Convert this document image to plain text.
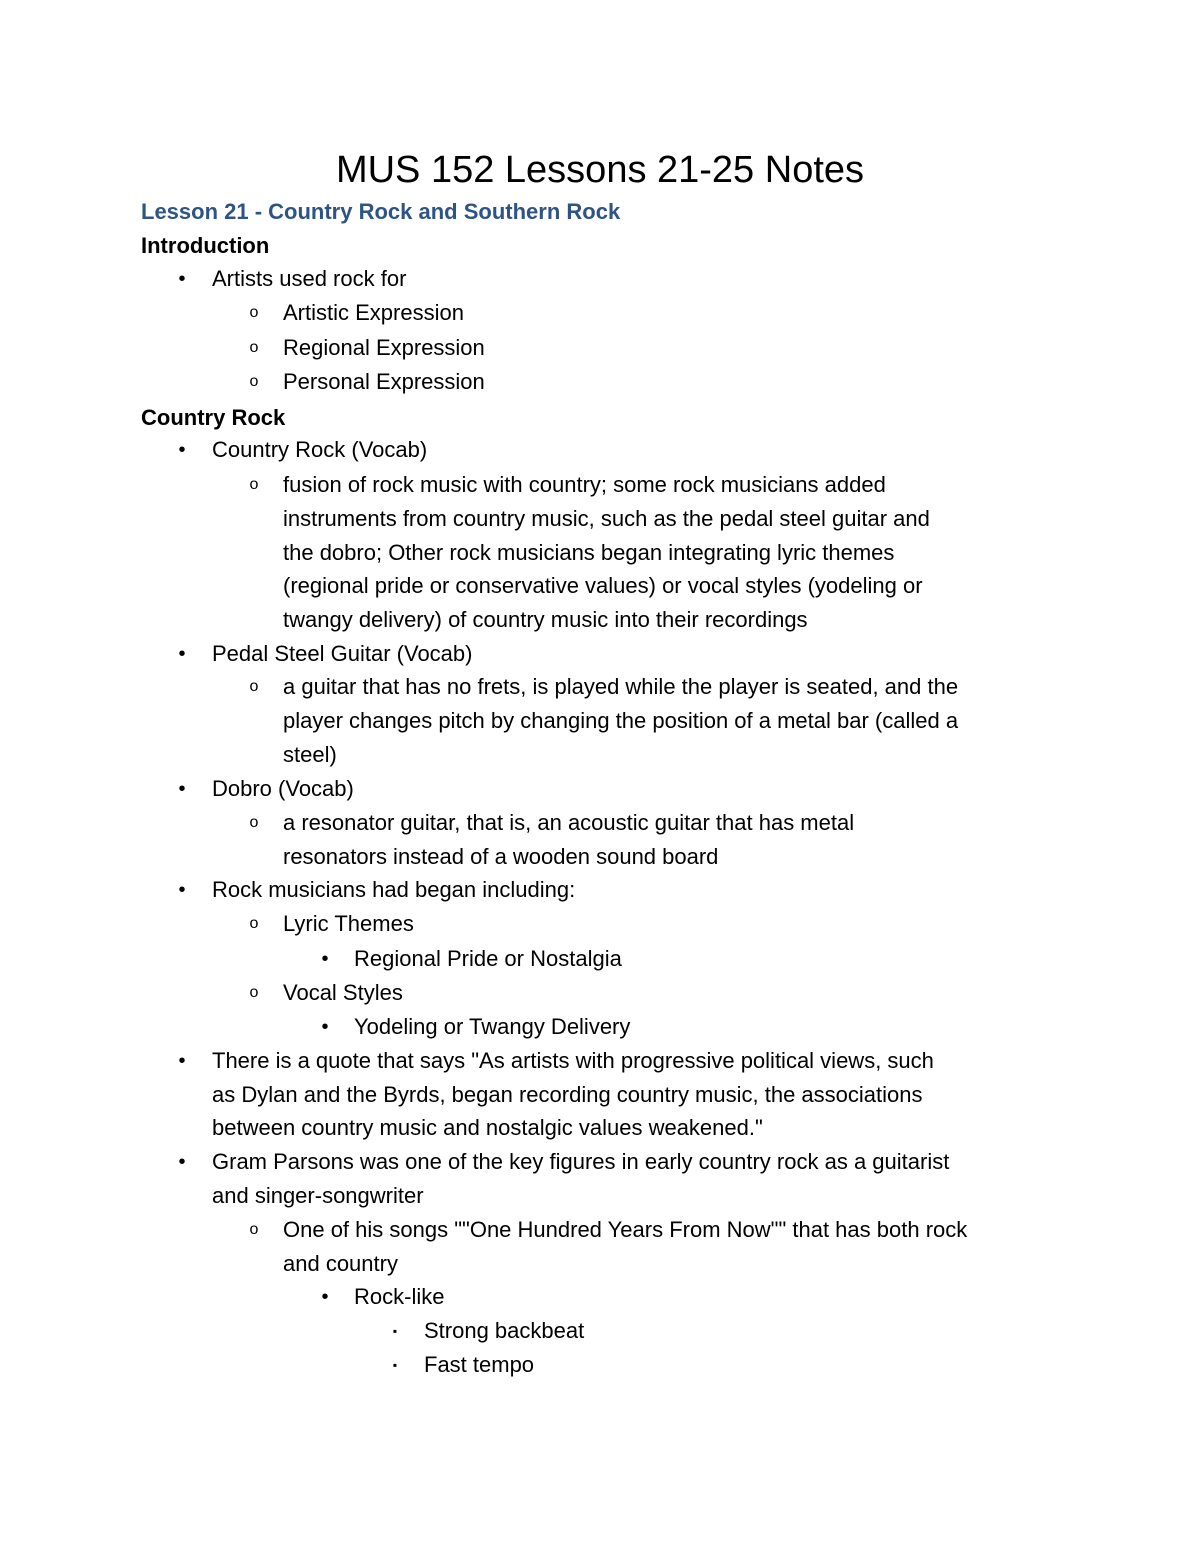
MUS 152 Lessons 21-25 Notes
Lesson 21 - Country Rock and Southern Rock
Introduction
• Artists used rock for
o Artistic Expression
o Regional Expression
o Personal Expression
Country Rock
• Country Rock (Vocab)
o fusion of rock music with country; some rock musicians added
instruments from country music, such as the pedal steel guitar and
the dobro; Other rock musicians began integrating lyric themes
(regional pride or conservative values) or vocal styles (yodeling or
twangy delivery) of country music into their recordings
• Pedal Steel Guitar (Vocab)
o a guitar that has no frets, is played while the player is seated, and the
player changes pitch by changing the position of a metal bar (called a
steel)
• Dobro (Vocab)
o a resonator guitar, that is, an acoustic guitar that has metal
resonators instead of a wooden sound board
• Rock musicians had began including:
o Lyric Themes
• Regional Pride or Nostalgia
o Vocal Styles
• Yodeling or Twangy Delivery
• There is a quote that says "As artists with progressive political views, such
as Dylan and the Byrds, began recording country music, the associations
between country music and nostalgic values weakened."
• Gram Parsons was one of the key figures in early country rock as a guitarist
and singer-songwriter
o One of his songs ""One Hundred Years From Now"" that has both rock
and country
• Rock-like
▪	Strong backbeat
▪	Fast tempo
